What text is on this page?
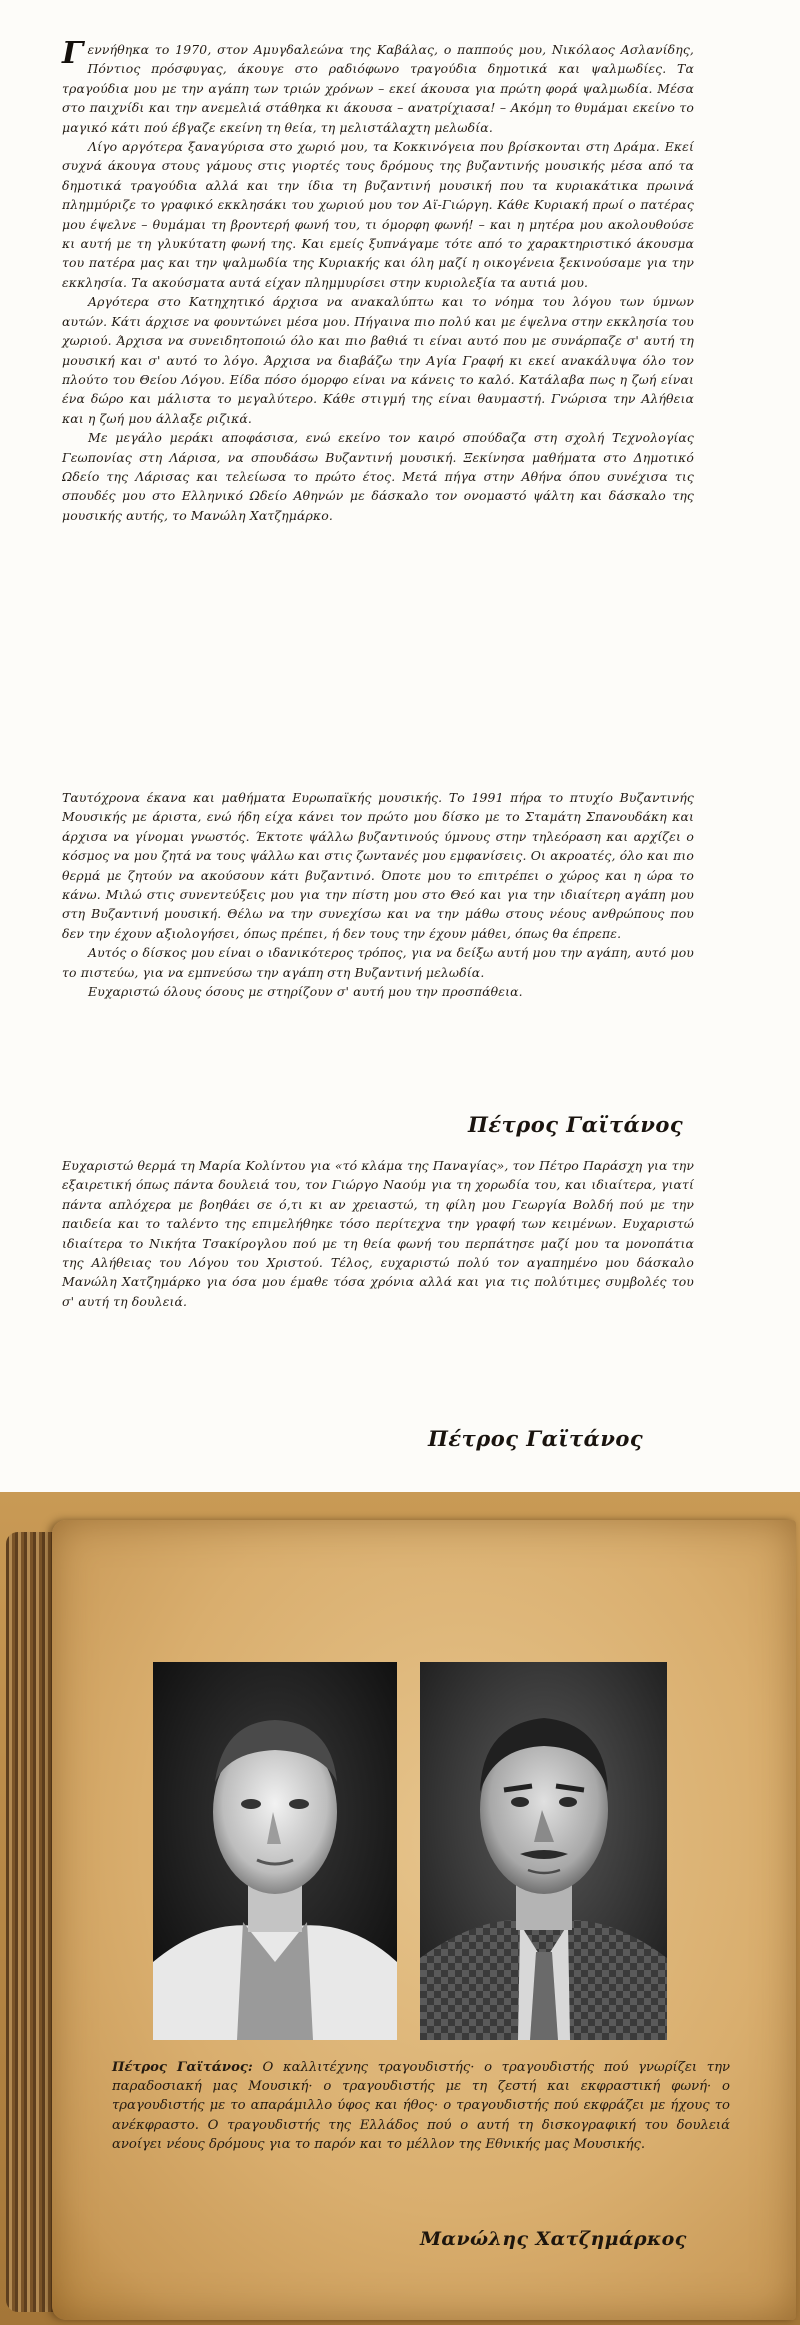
Γεννήθηκα το 1970, στον Αμυγδαλεώνα της Καβάλας, ο παππούς μου, Νικόλαος Ασλανίδης, Πόντιος πρόσφυγας, άκουγε στο ραδιόφωνο τραγούδια δημοτικά και ψαλμωδίες. Τα τραγούδια μου με την αγάπη των τριών χρόνων – εκεί άκουσα για πρώτη φορά ψαλμωδία. Μέσα στο παιχνίδι και την ανεμελιά στάθηκα κι άκουσα – ανατρίχιασα! – Ακόμη το θυμάμαι εκείνο το μαγικό κάτι πού έβγαζε εκείνη τη θεία, τη μελιστάλαχτη μελωδία.

Λίγο αργότερα ξαναγύρισα στο χωριό μου, τα Κοκκινόγεια που βρίσκονται στη Δράμα. Εκεί συχνά άκουγα στους γάμους στις γιορτές τους δρόμους της βυζαντινής μουσικής μέσα από τα δημοτικά τραγούδια αλλά και την ίδια τη βυζαντινή μουσική που τα κυριακάτικα πρωινά πλημμύριζε το γραφικό εκκλησάκι του χωριού μου τον Αϊ-Γιώργη. Κάθε Κυριακή πρωί ο πατέρας μου έψελνε – θυμάμαι τη βροντερή φωνή του, τι όμορφη φωνή! – και η μητέρα μου ακολουθούσε κι αυτή με τη γλυκύτατη φωνή της. Και εμείς ξυπνάγαμε τότε από το χαρακτηριστικό άκουσμα του πατέρα μας και την ψαλμωδία της Κυριακής και όλη μαζί η οικογένεια ξεκινούσαμε για την εκκλησία. Τα ακούσματα αυτά είχαν πλημμυρίσει στην κυριολεξία τα αυτιά μου.

Αργότερα στο Κατηχητικό άρχισα να ανακαλύπτω και το νόημα του λόγου των ύμνων αυτών. Κάτι άρχισε να φουντώνει μέσα μου. Πήγαινα πιο πολύ και με έψελνα στην εκκλησία του χωριού. Άρχισα να συνειδητοποιώ όλο και πιο βαθιά τι είναι αυτό που με συνάρπαζε σ' αυτή τη μουσική και σ' αυτό το λόγο. Άρχισα να διαβάζω την Αγία Γραφή κι εκεί ανακάλυψα όλο τον πλούτο του Θείου Λόγου. Είδα πόσο όμορφο είναι να κάνεις το καλό. Κατάλαβα πως η ζωή είναι ένα δώρο και μάλιστα το μεγαλύτερο. Κάθε στιγμή της είναι θαυμαστή. Γνώρισα την Αλήθεια και η ζωή μου άλλαξε ριζικά.

Με μεγάλο μεράκι αποφάσισα, ενώ εκείνο τον καιρό σπούδαζα στη σχολή Τεχνολογίας Γεωπονίας στη Λάρισα, να σπουδάσω Βυζαντινή μουσική. Ξεκίνησα μαθήματα στο Δημοτικό Ωδείο της Λάρισας και τελείωσα το πρώτο έτος. Μετά πήγα στην Αθήνα όπου συνέχισα τις σπουδές μου στο Ελληνικό Ωδείο Αθηνών με δάσκαλο τον ονομαστό ψάλτη και δάσκαλο της μουσικής αυτής, το Μανώλη Χατζημάρκο.

Ταυτόχρονα έκανα και μαθήματα Ευρωπαϊκής μουσικής. Το 1991 πήρα το πτυχίο Βυζαντινής Μουσικής με άριστα, ενώ ήδη είχα κάνει τον πρώτο μου δίσκο με το Σταμάτη Σπανουδάκη και άρχισα να γίνομαι γνωστός. Έκτοτε ψάλλω βυζαντινούς ύμνους στην τηλεόραση και αρχίζει ο κόσμος να μου ζητά να τους ψάλλω και στις ζωντανές μου εμφανίσεις. Οι ακροατές, όλο και πιο θερμά με ζητούν να ακούσουν κάτι βυζαντινό. Όποτε μου το επιτρέπει ο χώρος και η ώρα το κάνω. Μιλώ στις συνεντεύξεις μου για την πίστη μου στο Θεό και για την ιδιαίτερη αγάπη μου στη Βυζαντινή μουσική. Θέλω να την συνεχίσω και να την μάθω στους νέους ανθρώπους που δεν την έχουν αξιολογήσει, όπως πρέπει, ή δεν τους την έχουν μάθει, όπως θα έπρεπε.

Αυτός ο δίσκος μου είναι ο ιδανικότερος τρόπος, για να δείξω αυτή μου την αγάπη, αυτό μου το πιστεύω, για να εμπνεύσω την αγάπη στη Βυζαντινή μελωδία.

Ευχαριστώ όλους όσους με στηρίζουν σ' αυτή μου την προσπάθεια.

Πέτρος Γαϊτάνος

Ευχαριστώ θερμά τη Μαρία Κολίντου για «τό κλάμα της Παναγίας», τον Πέτρο Παράσχη για την εξαιρετική όπως πάντα δουλειά του, τον Γιώργο Ναούμ για τη χορωδία του, και ιδιαίτερα, γιατί πάντα απλόχερα με βοηθάει σε ό,τι κι αν χρειαστώ, τη φίλη μου Γεωργία Βολδή πού με την παιδεία και το ταλέντο της επιμελήθηκε τόσο περίτεχνα την γραφή των κειμένων. Ευχαριστώ ιδιαίτερα το Νικήτα Τσακίρογλου πού με τη θεία φωνή του περπάτησε μαζί μου τα μονοπάτια της Αλήθειας του Λόγου του Χριστού. Τέλος, ευχαριστώ πολύ τον αγαπημένο μου δάσκαλο Μανώλη Χατζημάρκο για όσα μου έμαθε τόσα χρόνια αλλά και για τις πολύτιμες συμβολές του σ' αυτή τη δουλειά.

Πέτρος Γαϊτάνος
Πέτρος Γαϊτάνος: Ο καλλιτέχνης τραγουδιστής· ο τραγουδιστής πού γνωρίζει την παραδοσιακή μας Μουσική· ο τραγουδιστής με τη ζεστή και εκφραστική φωνή· ο τραγουδιστής με το απαράμιλλο ύφος και ήθος· ο τραγουδιστής πού εκφράζει με ήχους το ανέκφραστο. Ο τραγουδιστής της Ελλάδος πού ο αυτή τη δισκογραφική του δουλειά ανοίγει νέους δρόμους για το παρόν και το μέλλον της Εθνικής μας Μουσικής.
Μανώλης Χατζημάρκος
